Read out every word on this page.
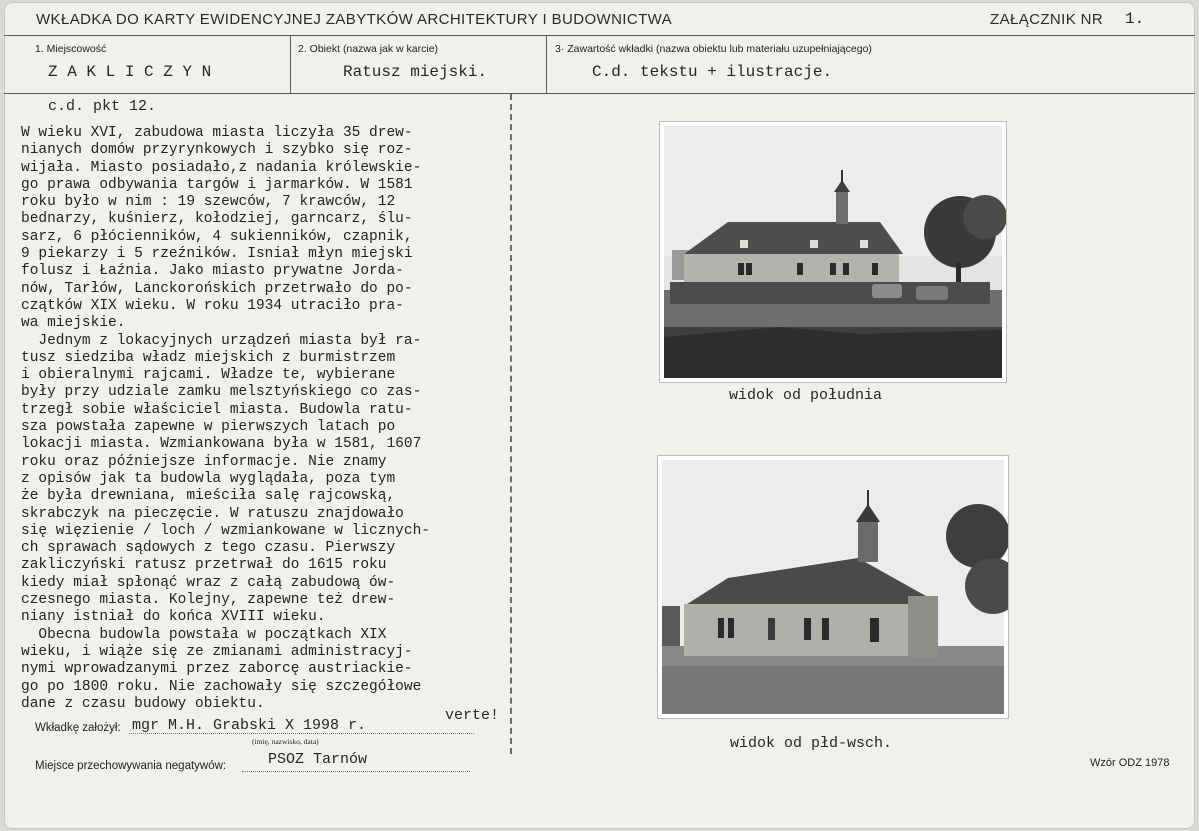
WKŁADKA DO KARTY EWIDENCYJNEJ ZABYTKÓW ARCHITEKTURY I BUDOWNICTWA	ZAŁĄCZNIK NR 1.
1. Miejscowość
Z A K L I C Z Y N
2. Obiekt (nazwa jak w karcie)
Ratusz miejski.
3· Zawartość wkładki (nazwa obiektu lub materiału uzupełniającego)
C.d. tekstu + ilustracje.
c.d. pkt 12.

W wieku XVI, zabudowa miasta liczyła 35 drew-

nianych domów przyrynkowych i szybko się roz-

wijała. Miasto posiadało,z nadania królewskie-

go prawa odbywania targów i jarmarków. W 1581

roku było w nim : 19 szewców, 7 krawców, 12

bednarzy, kuśnierz, kołodziej, garncarz, ślu-

sarz, 6 płócienników, 4 sukienników, czapnik,

9 piekarzy i 5 rzeźników. Isniał młyn miejski

folusz i Łaźnia. Jako miasto prywatne Jorda-

nów, Tarłów, Lanckorońskich przetrwało do po-

czątków XIX wieku. W roku 1934 utraciło pra-

wa miejskie.

Jednym z lokacyjnych urządzeń miasta był ra-

tusz siedziba władz miejskich z burmistrzem

i obieralnymi rajcami. Władze te, wybierane

były przy udziale zamku melsztyńskiego co zas-

trzegł sobie właściciel miasta. Budowla ratu-

sza powstała zapewne w pierwszych latach po

lokacji miasta. Wzmiankowana była w 1581, 1607

roku oraz późniejsze informacje. Nie znamy

z opisów jak ta budowla wyglądała, poza tym

że była drewniana, mieściła salę rajcowską,

skrabczyk na pieczęcie. W ratuszu znajdowało

się więzienie / loch / wzmiankowane w licznych-

ch sprawach sądowych z tego czasu. Pierwszy

zakliczyński ratusz przetrwał do 1615 roku

kiedy miał spłonąć wraz z całą zabudową ów-

czesnego miasta. Kolejny, zapewne też drew-

niany istniał do końca XVIII wieku.

Obecna budowla powstała w początkach XIX

wieku, i wiąże się ze zmianami administracyj-

nymi wprowadzanymi przez zaborcę austriackie-

go po 1800 roku. Nie zachowały się szczegółowe

dane z czasu budowy obiektu.

verte!
Wkładkę założył: mgr M.H. Grabski X 1998 r.
(imię, nazwisko, data)
Miejsce przechowywania negatywów:	PSOZ Tarnów	Wzór ODZ 1978
widok od południa
widok od płd-wsch.
